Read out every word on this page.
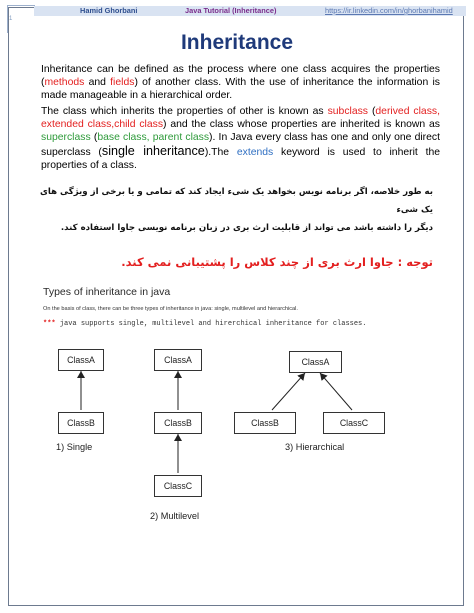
1
Hamid Ghorbani	Java Tutorial (Inheritance)	https://ir.linkedin.com/in/ghorbanihamid
Inheritance

Inheritance can be defined as the process where one class acquires the properties (methods and fields) of another class. With the use of inheritance the information is made manageable in a hierarchical order.

The class which inherits the properties of other is known as subclass (derived class, extended class,child class) and the class whose properties are inherited is known as superclass (base class, parent class). In Java every class has one and only one direct superclass (single inheritance).The extends keyword is used to inherit the properties of a class.

به طور خلاصه، اگر برنامه نویس بخواهد یک شیء ایجاد کند که تمامی و یا برخی از ویژگی های یک شیء
دیگر را داشته باشد می تواند از قابلیت ارث بری در زبان برنامه نویسی جاوا استفاده کند.
توجه : جاوا ارث بری از چند کلاس را پشتیبانی نمی کند.
Types of inheritance in java
On the basis of class, there can be three types of inheritance in java: single, multilevel and hierarchical.
*** java supports single, multilevel and hirerchical inheritance for classes.
ClassA
ClassB
1) Single
ClassA
ClassB
ClassC
2) Multilevel
ClassA
ClassB	ClassC
3) Hierarchical
